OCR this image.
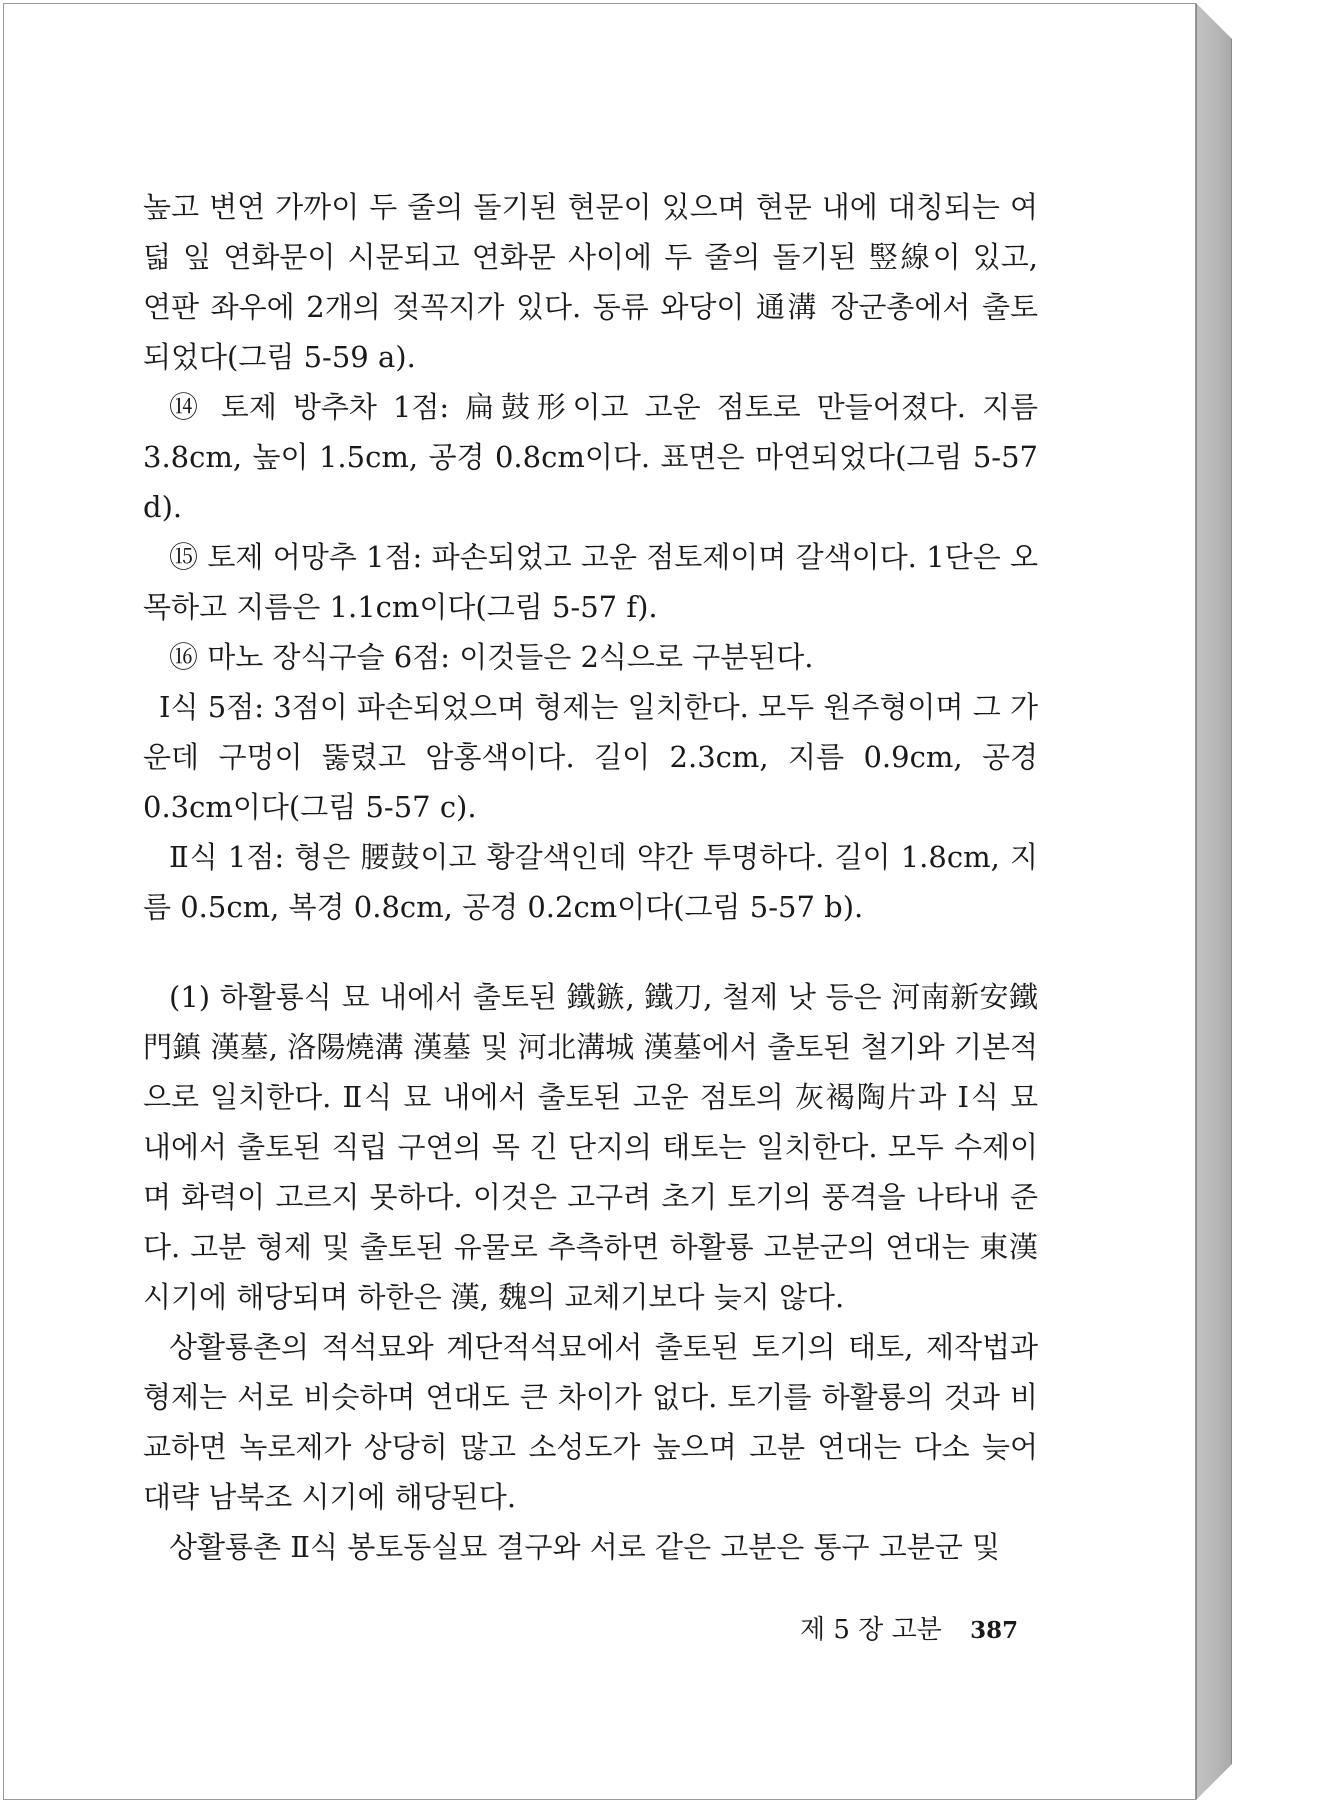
높고 변연 가까이 두 줄의 돌기된 현문이 있으며 현문 내에 대칭되는 여덟 잎 연화문이 시문되고 연화문 사이에 두 줄의 돌기된 竪線이 있고, 연판 좌우에 2개의 젖꼭지가 있다. 동류 와당이 通溝 장군총에서 출토되었다(그림 5-59 a).

⑭ 토제 방추차 1점: 扁鼓形이고 고운 점토로 만들어졌다. 지름 3.8cm, 높이 1.5cm, 공경 0.8cm이다. 표면은 마연되었다(그림 5-57 d).

⑮ 토제 어망추 1점: 파손되었고 고운 점토제이며 갈색이다. 1단은 오목하고 지름은 1.1cm이다(그림 5-57 f).

⑯ 마노 장식구슬 6점: 이것들은 2식으로 구분된다.

Ⅰ식 5점: 3점이 파손되었으며 형제는 일치한다. 모두 원주형이며 그 가운데 구멍이 뚫렸고 암홍색이다. 길이 2.3cm, 지름 0.9cm, 공경 0.3cm이다(그림 5-57 c).

Ⅱ식 1점: 형은 腰鼓이고 황갈색인데 약간 투명하다. 길이 1.8cm, 지름 0.5cm, 복경 0.8cm, 공경 0.2cm이다(그림 5-57 b).

(1) 하활룡식 묘 내에서 출토된 鐵鏃, 鐵刀, 철제 낫 등은 河南新安鐵門鎮 漢墓, 洛陽燒溝 漢墓 및 河北溝城 漢墓에서 출토된 철기와 기본적으로 일치한다. Ⅱ식 묘 내에서 출토된 고운 점토의 灰褐陶片과 Ⅰ식 묘 내에서 출토된 직립 구연의 목 긴 단지의 태토는 일치한다. 모두 수제이며 화력이 고르지 못하다. 이것은 고구려 초기 토기의 풍격을 나타내 준다. 고분 형제 및 출토된 유물로 추측하면 하활룡 고분군의 연대는 東漢 시기에 해당되며 하한은 漢, 魏의 교체기보다 늦지 않다.

상활룡촌의 적석묘와 계단적석묘에서 출토된 토기의 태토, 제작법과 형제는 서로 비슷하며 연대도 큰 차이가 없다. 토기를 하활룡의 것과 비교하면 녹로제가 상당히 많고 소성도가 높으며 고분 연대는 다소 늦어 대략 남북조 시기에 해당된다.

상활룡촌 Ⅱ식 봉토동실묘 결구와 서로 같은 고분은 통구 고분군 및

제 5 장 고분 387
